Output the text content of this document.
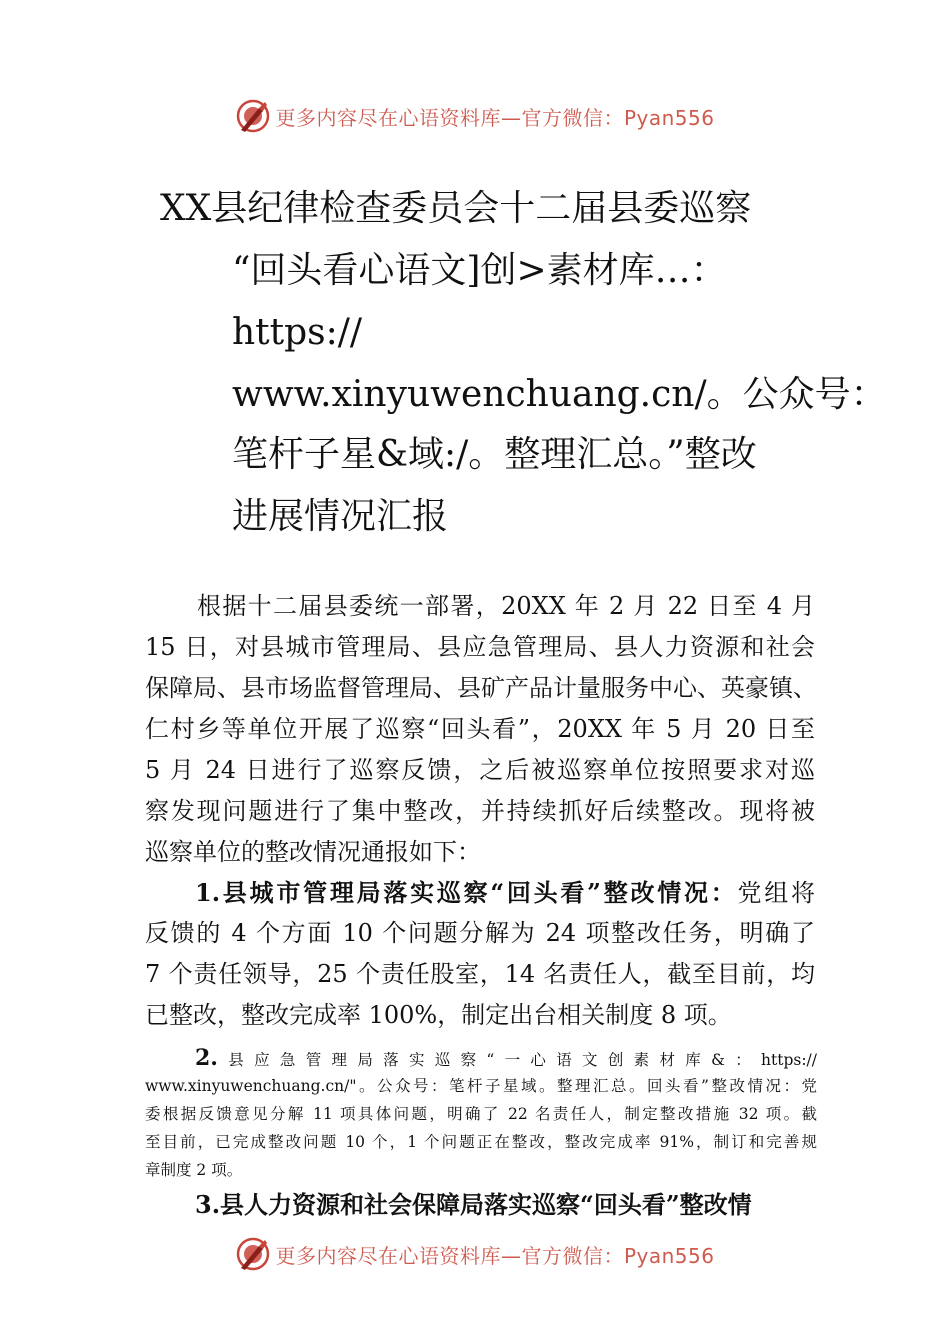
更多内容尽在心语资料库—官方微信：Pyan556
XX县纪律检查委员会十二届县委巡察
“回头看心语文]创>素材库…：
https://
www.xinyuwenchuang.cn/。公众号：
笔杆子星&域:/。整理汇总。”整改
进展情况汇报
根据十二届县委统一部署，20XX 年 2 月 22 日至 4 月
15 日，对县城市管理局、县应急管理局、县人力资源和社会
保障局、县市场监督管理局、县矿产品计量服务中心、英豪镇、
仁村乡等单位开展了巡察“回头看”，20XX 年 5 月 20 日至
5 月 24 日进行了巡察反馈，之后被巡察单位按照要求对巡
察发现问题进行了集中整改，并持续抓好后续整改。现将被
巡察单位的整改情况通报如下：
1.县城市管理局落实巡察“回头看”整改情况：党组将
反馈的 4 个方面 10 个问题分解为 24 项整改任务，明确了
7 个责任领导，25 个责任股室，14 名责任人，截至目前，均
已整改，整改完成率 100%，制定出台相关制度 8 项。
2.县应急管理局落实巡察“一心语文创素材库&：https://
www.xinyuwenchuang.cn/"。公众号：笔杆子星域。整理汇总。回头看”整改情况：党
委根据反馈意见分解 11 项具体问题，明确了 22 名责任人，制定整改措施 32 项。截
至目前，已完成整改问题 10 个，1 个问题正在整改，整改完成率 91%，制订和完善规
章制度 2 项。
3.县人力资源和社会保障局落实巡察“回头看”整改情
更多内容尽在心语资料库—官方微信：Pyan556
